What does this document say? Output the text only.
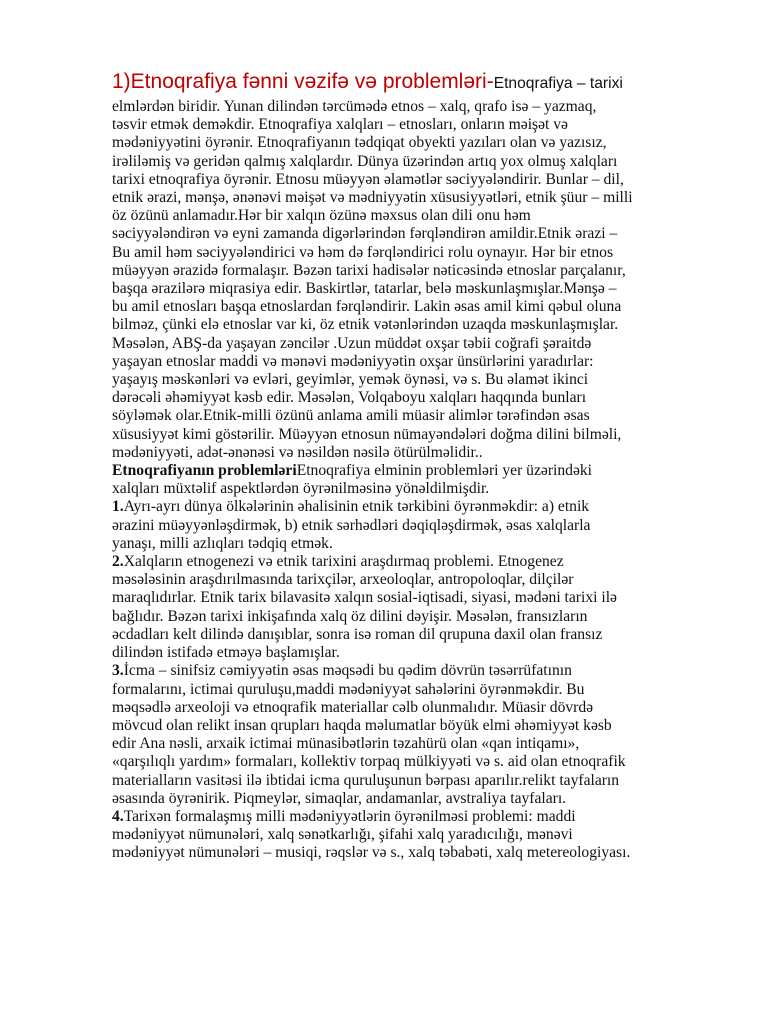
1)Etnoqrafiya fənni vəzifə və problemləri-Etnoqrafiya – tarixi
elmlərdən biridir. Yunan dilindən tərcümədə etnos – xalq, qrafo isə – yazmaq,
təsvir etmək deməkdir. Etnoqrafiya xalqları – etnosları, onların məişət və
mədəniyyətini öyrənir. Etnoqrafiyanın tədqiqat obyekti yazıları olan və yazısız,
irəliləmiş və geridən qalmış xalqlardır. Dünya üzərindən artıq yox olmuş xalqları
tarixi etnoqrafiya öyrənir. Etnosu müəyyən əlamətlər səciyyələndirir. Bunlar – dil,
etnik ərazi, mənşə, ənənəvi məişət və mədniyyətin xüsusiyyətləri, etnik şüur – milli
öz özünü anlamadır.Hər bir xalqın özünə məxsus olan dili onu həm
səciyyələndirən və eyni zamanda digərlərindən fərqləndirən amildir.Etnik ərazi –
Bu amil həm səciyyələndirici və həm də fərqləndirici rolu oynayır. Hər bir etnos
müəyyən ərazidə formalaşır. Bəzən tarixi hadisələr nəticəsində etnoslar parçalanır,
başqa ərazilərə miqrasiya edir. Baskirtlər, tatarlar, belə məskunlaşmışlar.Mənşə –
bu amil etnosları başqa etnoslardan fərqləndirir. Lakin əsas amil kimi qəbul oluna
bilməz, çünki elə etnoslar var ki, öz etnik vətənlərindən uzaqda məskunlaşmışlar.
Məsələn, ABŞ-da yaşayan zəncilər .Uzun müddət oxşar təbii coğrafi şəraitdə
yaşayan etnoslar maddi və mənəvi mədəniyyətin oxşar ünsürlərini yaradırlar:
yaşayış məskənləri və evləri, geyimlər, yemək öynəsi, və s. Bu əlamət ikinci
dərəcəli əhəmiyyət kəsb edir. Məsələn, Volqaboyu xalqları haqqında bunları
söyləmək olar.Etnik-milli özünü anlama amili müasir alimlər tərəfindən əsas
xüsusiyyət kimi göstərilir. Müəyyən etnosun nümayəndələri doğma dilini bilməli,
mədəniyyəti, adət-ənənəsi və nəsildən nəsilə ötürülməlidir..
Etnoqrafiyanın problemləriEtnoqrafiya elminin problemləri yer üzərindəki
xalqları müxtəlif aspektlərdən öyrənilməsinə yönəldilmişdir.
1.Ayrı-ayrı dünya ölkələrinin əhalisinin etnik tərkibini öyrənməkdir: a) etnik
ərazini müəyyənləşdirmək, b) etnik sərhədləri dəqiqləşdirmək, əsas xalqlarla
yanaşı, milli azlıqları tədqiq etmək.
2.Xalqların etnogenezi və etnik tarixini araşdırmaq problemi. Etnogenez
məsələsinin araşdırılmasında tarixçilər, arxeoloqlar, antropoloqlar, dilçilər
maraqlıdırlar. Etnik tarix bilavasitə xalqın sosial-iqtisadi, siyasi, mədəni tarixi ilə
bağlıdır. Bəzən tarixi inkişafında xalq öz dilini dəyişir. Məsələn, fransızların
əcdadları kelt dilində danışıblar, sonra isə roman dil qrupuna daxil olan fransız
dilindən istifadə etməyə başlamışlar.
3.İcma – sinifsiz cəmiyyətin əsas məqsədi bu qədim dövrün təsərrüfatının
formalarını, ictimai quruluşu,maddi mədəniyyət sahələrini öyrənməkdir. Bu
məqsədlə arxeoloji və etnoqrafik materiallar cəlb olunmalıdır. Müasir dövrdə
mövcud olan relikt insan qrupları haqda məlumatlar böyük elmi əhəmiyyət kəsb
edir Ana nəsli, arxaik ictimai münasibətlərin təzahürü olan «qan intiqamı»,
«qarşılıqlı yardım» formaları, kollektiv torpaq mülkiyyəti və s. aid olan etnoqrafik
materialların vasitəsi ilə ibtidai icma quruluşunun bərpası aparılır.relikt tayfaların
əsasında öyrənirik. Piqmeylər, simaqlar, andamanlar, avstraliya tayfaları.
4.Tarixən formalaşmış milli mədəniyyətlərin öyrənilməsi problemi: maddi
mədəniyyət nümunələri, xalq sənətkarlığı, şifahi xalq yaradıcılığı, mənəvi
mədəniyyət nümunələri – musiqi, rəqslər və s., xalq təbabəti, xalq metereologiyası.
